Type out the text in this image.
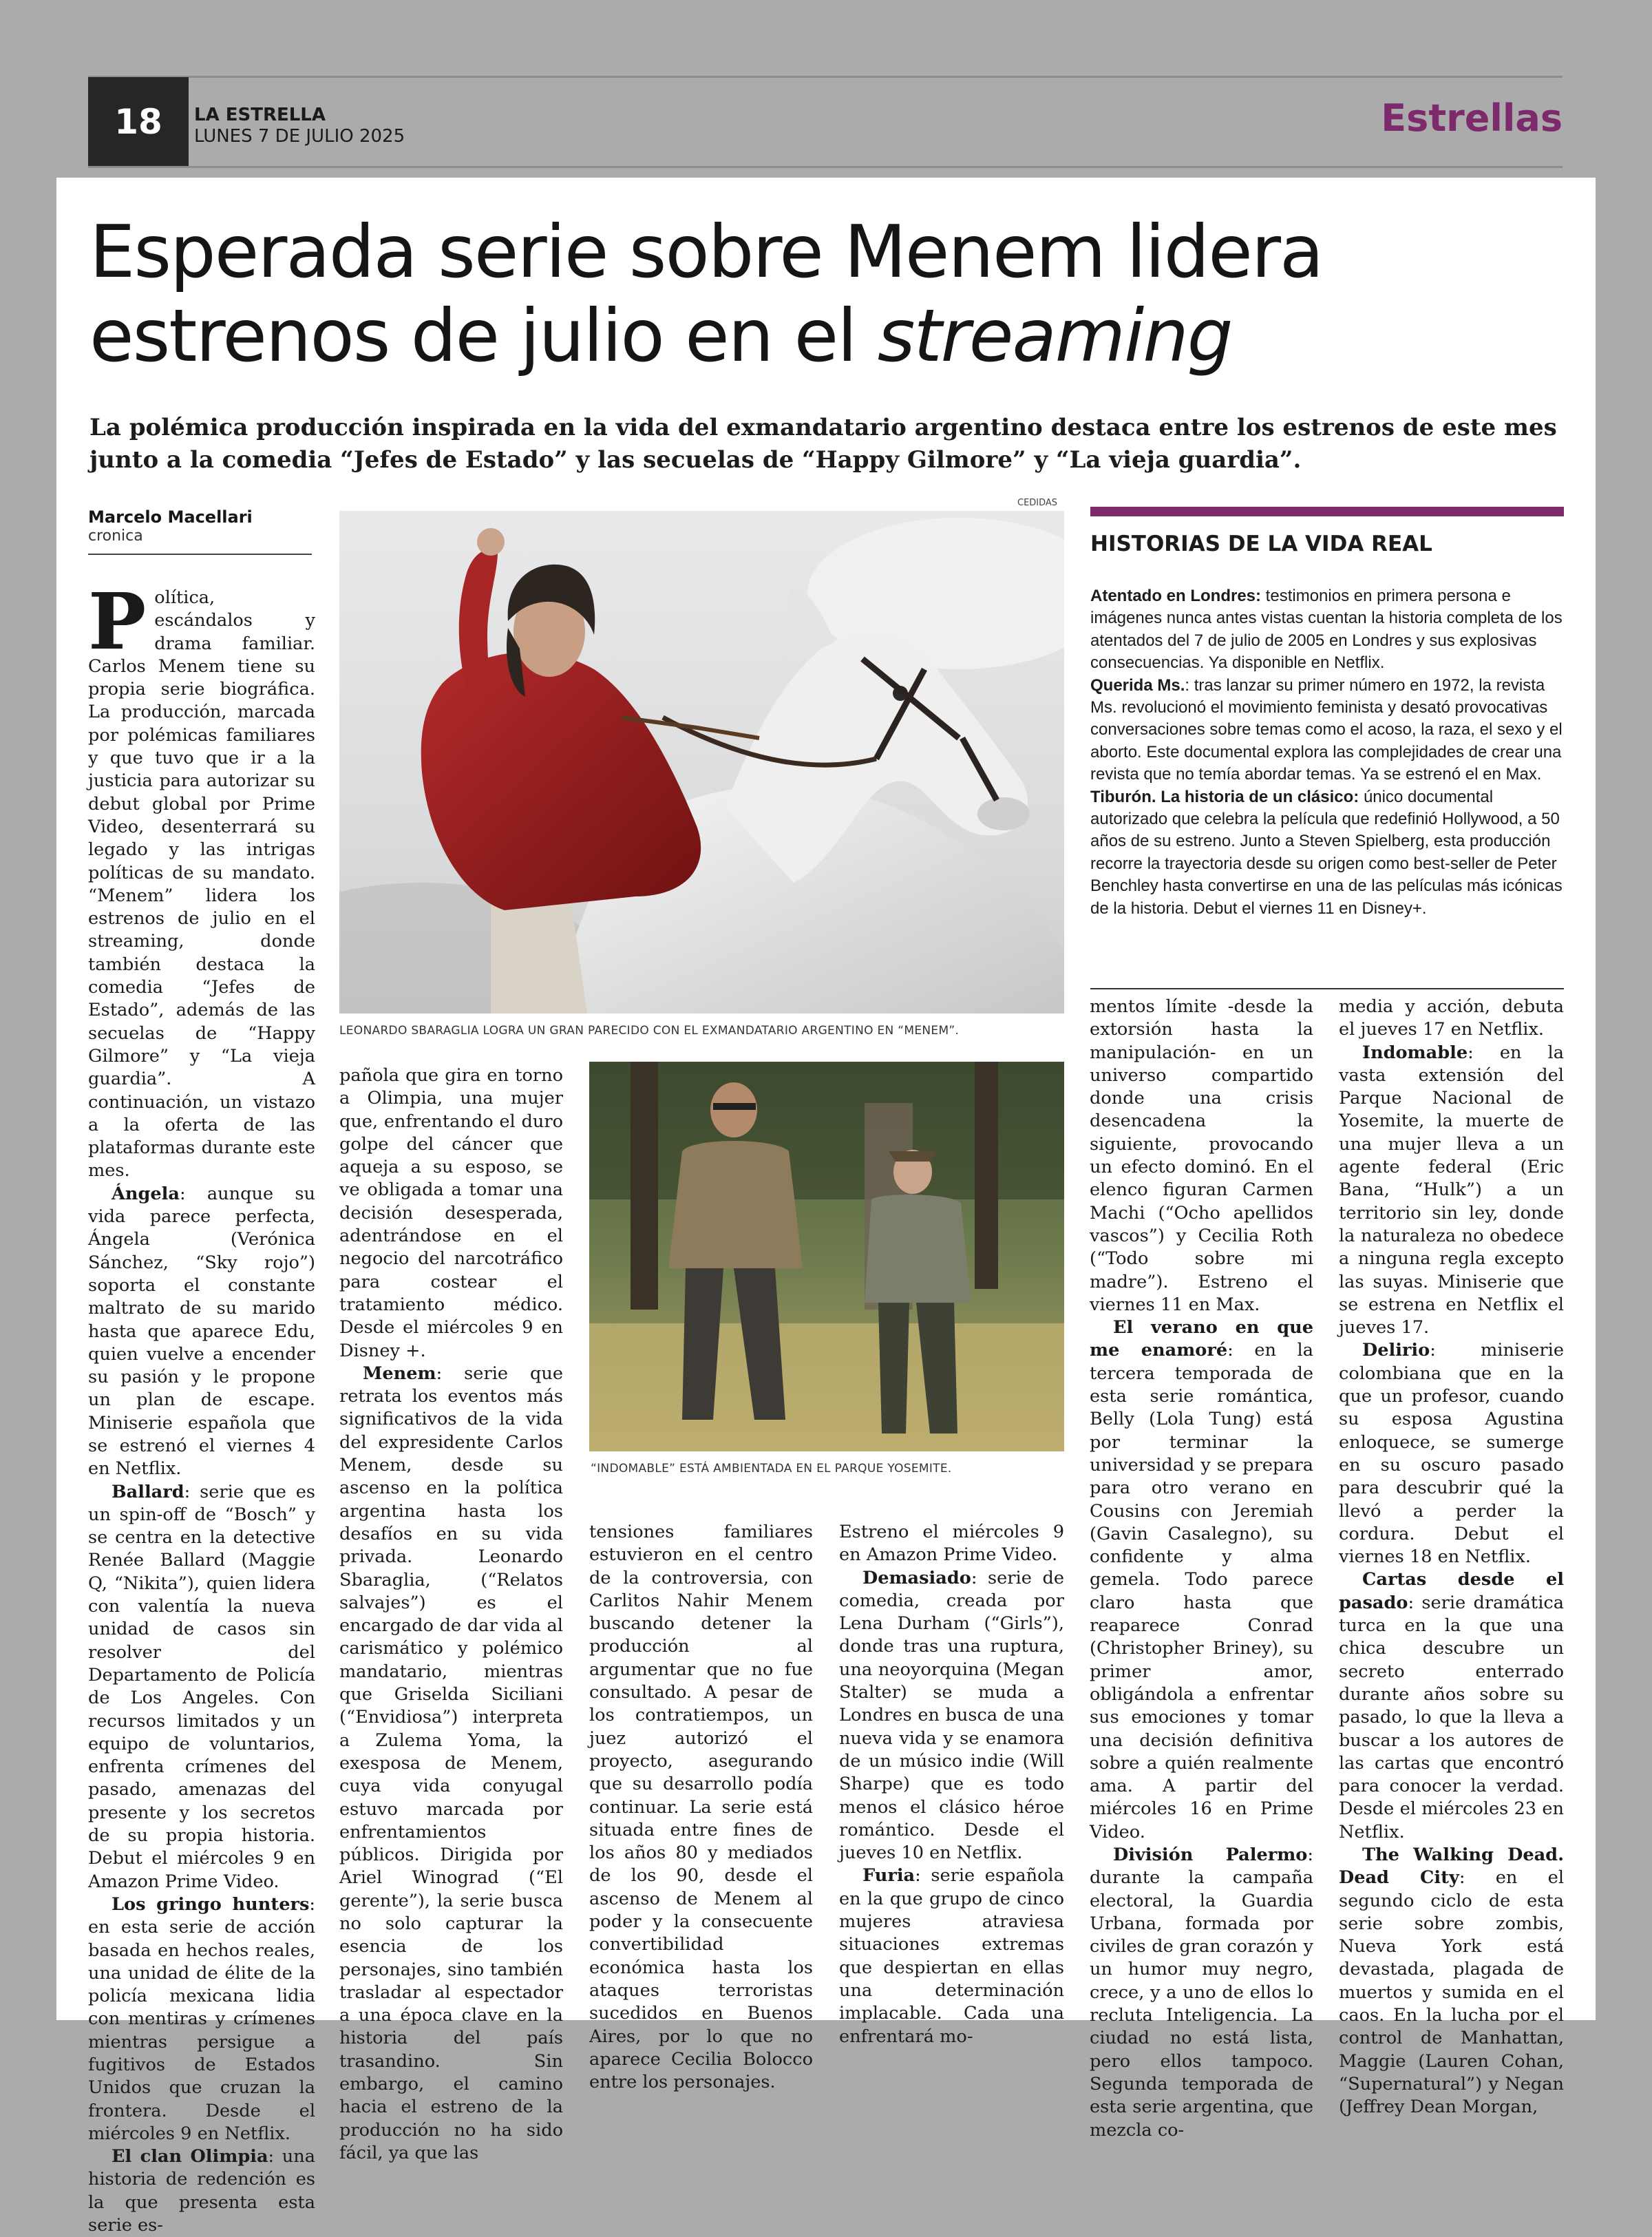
18	LA ESTRELLA
LUNES 7 DE JULIO 2025	Estrellas
Esperada serie sobre Menem lidera
estrenos de julio en el streaming

La polémica producción inspirada en la vida del exmandatario argentino destaca entre los estrenos de este mes junto a la comedia “Jefes de Estado” y las secuelas de “Happy Gilmore” y “La vieja guardia”.

Marcelo Macellari
cronica
CEDIDAS
LEONARDO SBARAGLIA LOGRA UN GRAN PARECIDO CON EL EXMANDATARIO ARGENTINO EN “MENEM”.
“INDOMABLE” ESTÁ AMBIENTADA EN EL PARQUE YOSEMITE.

Política, escándalos y drama familiar. Carlos Menem tiene su propia serie biográfica. La producción, marcada por polémicas familiares y que tuvo que ir a la justicia para autorizar su debut global por Prime Video, desenterrará su legado y las intrigas políticas de su mandato. “Menem” lidera los estrenos de julio en el streaming, donde también destaca la comedia “Jefes de Estado”, además de las secuelas de “Happy Gilmore” y “La vieja guardia”. A continuación, un vistazo a la oferta de las plataformas durante este mes.

Ángela: aunque su vida parece perfecta, Ángela (Verónica Sánchez, “Sky rojo”) soporta el constante maltrato de su marido hasta que aparece Edu, quien vuelve a encender su pasión y le propone un plan de escape. Miniserie española que se estrenó el viernes 4 en Netflix.

Ballard: serie que es un spin-off de “Bosch” y se centra en la detective Renée Ballard (Maggie Q, “Nikita”), quien lidera con valentía la nueva unidad de casos sin resolver del Departamento de Policía de Los Angeles. Con recursos limitados y un equipo de voluntarios, enfrenta crímenes del pasado, amenazas del presente y los secretos de su propia historia. Debut el miércoles 9 en Amazon Prime Video.

Los gringo hunters: en esta serie de acción basada en hechos reales, una unidad de élite de la policía mexicana lidia con mentiras y crímenes mientras persigue a fugitivos de Estados Unidos que cruzan la frontera. Desde el miércoles 9 en Netflix.

El clan Olimpia: una historia de redención es la que presenta esta serie es-

pañola que gira en torno a Olimpia, una mujer que, enfrentando el duro golpe del cáncer que aqueja a su esposo, se ve obligada a tomar una decisión desesperada, adentrándose en el negocio del narcotráfico para costear el tratamiento médico. Desde el miércoles 9 en Disney +.

Menem: serie que retrata los eventos más significativos de la vida del expresidente Carlos Menem, desde su ascenso en la política argentina hasta los desafíos en su vida privada. Leonardo Sbaraglia, (“Relatos salvajes”) es el encargado de dar vida al carismático y polémico mandatario, mientras que Griselda Siciliani (“Envidiosa”) interpreta a Zulema Yoma, la exesposa de Menem, cuya vida conyugal estuvo marcada por enfrentamientos públicos. Dirigida por Ariel Winograd (“El gerente”), la serie busca no solo capturar la esencia de los personajes, sino también trasladar al espectador a una época clave en la historia del país trasandino. Sin embargo, el camino hacia el estreno de la producción no ha sido fácil, ya que las

tensiones familiares estuvieron en el centro de la controversia, con Carlitos Nahir Menem buscando detener la producción al argumentar que no fue consultado. A pesar de los contratiempos, un juez autorizó el proyecto, asegurando que su desarrollo podía continuar. La serie está situada entre fines de los años 80 y mediados de los 90, desde el ascenso de Menem al poder y la consecuente convertibilidad económica hasta los ataques terroristas sucedidos en Buenos Aires, por lo que no aparece Cecilia Bolocco entre los personajes.

Estreno el miércoles 9 en Amazon Prime Video.

Demasiado: serie de comedia, creada por Lena Durham (“Girls”), donde tras una ruptura, una neoyorquina (Megan Stalter) se muda a Londres en busca de una nueva vida y se enamora de un músico indie (Will Sharpe) que es todo menos el clásico héroe romántico. Desde el jueves 10 en Netflix.

Furia: serie española en la que grupo de cinco mujeres atraviesa situaciones extremas que despiertan en ellas una determinación implacable. Cada una enfrentará mo-

HISTORIAS DE LA VIDA REAL

Atentado en Londres: testimonios en primera persona e imágenes nunca antes vistas cuentan la historia completa de los atentados del 7 de julio de 2005 en Londres y sus explosivas consecuencias. Ya disponible en Netflix.

Querida Ms.: tras lanzar su primer número en 1972, la revista Ms. revolucionó el movimiento feminista y desató provocativas conversaciones sobre temas como el acoso, la raza, el sexo y el aborto. Este documental explora las complejidades de crear una revista que no temía abordar temas. Ya se estrenó el en Max.

Tiburón. La historia de un clásico: único documental autorizado que celebra la película que redefinió Hollywood, a 50 años de su estreno. Junto a Steven Spielberg, esta producción recorre la trayectoria desde su origen como best-seller de Peter Benchley hasta convertirse en una de las películas más icónicas de la historia. Debut el viernes 11 en Disney+.

mentos límite -desde la extorsión hasta la manipulación- en un universo compartido donde una crisis desencadena la siguiente, provocando un efecto dominó. En el elenco figuran Carmen Machi (“Ocho apellidos vascos”) y Cecilia Roth (“Todo sobre mi madre”). Estreno el viernes 11 en Max.

El verano en que me enamoré: en la tercera temporada de esta serie romántica, Belly (Lola Tung) está por terminar la universidad y se prepara para otro verano en Cousins con Jeremiah (Gavin Casalegno), su confidente y alma gemela. Todo parece claro hasta que reaparece Conrad (Christopher Briney), su primer amor, obligándola a enfrentar sus emociones y tomar una decisión definitiva sobre a quién realmente ama. A partir del miércoles 16 en Prime Video.

División Palermo: durante la campaña electoral, la Guardia Urbana, formada por civiles de gran corazón y un humor muy negro, crece, y a uno de ellos lo recluta Inteligencia. La ciudad no está lista, pero ellos tampoco. Segunda temporada de esta serie argentina, que mezcla co-

media y acción, debuta el jueves 17 en Netflix.

Indomable: en la vasta extensión del Parque Nacional de Yosemite, la muerte de una mujer lleva a un agente federal (Eric Bana, “Hulk”) a un territorio sin ley, donde la naturaleza no obedece a ninguna regla excepto las suyas. Miniserie que se estrena en Netflix el jueves 17.

Delirio: miniserie colombiana que en la que un profesor, cuando su esposa Agustina enloquece, se sumerge en su oscuro pasado para descubrir qué la llevó a perder la cordura. Debut el viernes 18 en Netflix.

Cartas desde el pasado: serie dramática turca en la que una chica descubre un secreto enterrado durante años sobre su pasado, lo que la lleva a buscar a los autores de las cartas que encontró para conocer la verdad. Desde el miércoles 23 en Netflix.

The Walking Dead. Dead City: en el segundo ciclo de esta serie sobre zombis, Nueva York está devastada, plagada de muertos y sumida en el caos. En la lucha por el control de Manhattan, Maggie (Lauren Cohan, “Supernatural”) y Negan (Jeffrey Dean Morgan,
